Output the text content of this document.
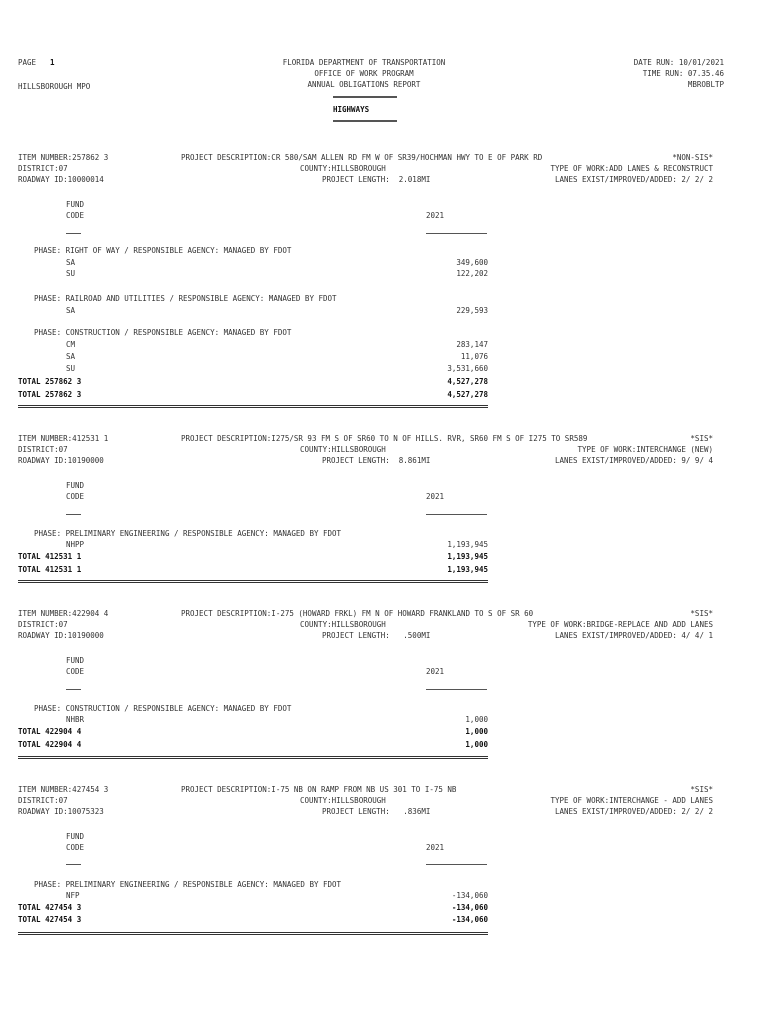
PAGE 1
HILLSBOROUGH MPO
FLORIDA DEPARTMENT OF TRANSPORTATION
OFFICE OF WORK PROGRAM
ANNUAL OBLIGATIONS REPORT
HIGHWAYS
DATE RUN: 10/01/2021
TIME RUN: 07.35.46
MBROBLTP
ITEM NUMBER:257862 3
DISTRICT:07
ROADWAY ID:10000014
PROJECT DESCRIPTION:CR 580/SAM ALLEN RD FM W OF SR39/HOCHMAN HWY TO E OF PARK RD
COUNTY:HILLSBOROUGH
PROJECT LENGTH:  2.018MI
*NON-SIS*
TYPE OF WORK:ADD LANES & RECONSTRUCT
LANES EXIST/IMPROVED/ADDED: 2/ 2/ 2
FUND
CODE	2021
PHASE: RIGHT OF WAY / RESPONSIBLE AGENCY: MANAGED BY FDOT
SA	349,600
SU	122,202
PHASE: RAILROAD AND UTILITIES / RESPONSIBLE AGENCY: MANAGED BY FDOT
SA	229,593
PHASE: CONSTRUCTION / RESPONSIBLE AGENCY: MANAGED BY FDOT
CM	283,147
SA	11,076
SU	3,531,660
TOTAL 257862 3	4,527,278
TOTAL 257862 3	4,527,278
ITEM NUMBER:412531 1
DISTRICT:07
ROADWAY ID:10190000
PROJECT DESCRIPTION:I275/SR 93 FM S OF SR60 TO N OF HILLS. RVR, SR60 FM S OF I275 TO SR589
COUNTY:HILLSBOROUGH
PROJECT LENGTH:  8.861MI
*SIS*
TYPE OF WORK:INTERCHANGE (NEW)
LANES EXIST/IMPROVED/ADDED: 9/ 9/ 4
FUND
CODE	2021
PHASE: PRELIMINARY ENGINEERING / RESPONSIBLE AGENCY: MANAGED BY FDOT
NHPP	1,193,945
TOTAL 412531 1	1,193,945
TOTAL 412531 1	1,193,945
ITEM NUMBER:422904 4
DISTRICT:07
ROADWAY ID:10190000
PROJECT DESCRIPTION:I-275 (HOWARD FRKL) FM N OF HOWARD FRANKLAND TO S OF SR 60
COUNTY:HILLSBOROUGH
PROJECT LENGTH:   .500MI
*SIS*
TYPE OF WORK:BRIDGE-REPLACE AND ADD LANES
LANES EXIST/IMPROVED/ADDED: 4/ 4/ 1
FUND
CODE	2021
PHASE: CONSTRUCTION / RESPONSIBLE AGENCY: MANAGED BY FDOT
NHBR	1,000
TOTAL 422904 4	1,000
TOTAL 422904 4	1,000
ITEM NUMBER:427454 3
DISTRICT:07
ROADWAY ID:10075323
PROJECT DESCRIPTION:I-75 NB ON RAMP FROM NB US 301 TO I-75 NB
COUNTY:HILLSBOROUGH
PROJECT LENGTH:   .836MI
*SIS*
TYPE OF WORK:INTERCHANGE - ADD LANES
LANES EXIST/IMPROVED/ADDED: 2/ 2/ 2
FUND
CODE	2021
PHASE: PRELIMINARY ENGINEERING / RESPONSIBLE AGENCY: MANAGED BY FDOT
NFP	-134,060
TOTAL 427454 3	-134,060
TOTAL 427454 3	-134,060
